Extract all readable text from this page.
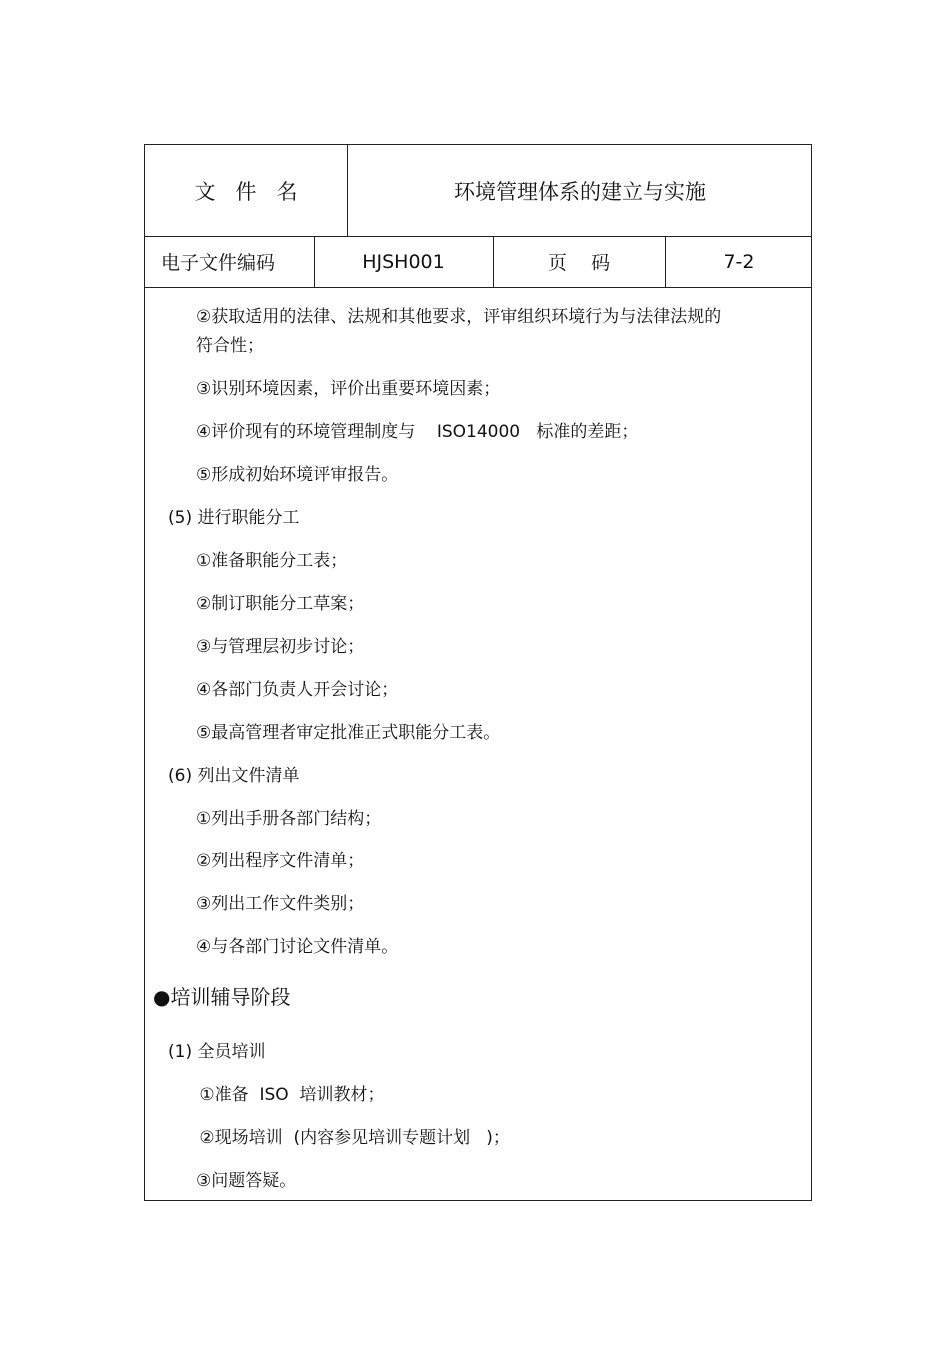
文   件   名	环境管理体系的建立与实施
电子文件编码	HJSH001	页    码	7-2
②获取适用的法律、法规和其他要求，评审组织环境行为与法律法规的
符合性；
③识别环境因素，评价出重要环境因素；
④评价现有的环境管理制度与    ISO14000   标准的差距；
⑤形成初始环境评审报告。
(5) 进行职能分工
①准备职能分工表；
②制订职能分工草案；
③与管理层初步讨论；
④各部门负责人开会讨论；
⑤最高管理者审定批准正式职能分工表。
(6) 列出文件清单
①列出手册各部门结构；
②列出程序文件清单；
③列出工作文件类别；
④与各部门讨论文件清单。
●培训辅导阶段
(1) 全员培训
①准备  ISO  培训教材；
②现场培训  (内容参见培训专题计划   )；
③问题答疑。
